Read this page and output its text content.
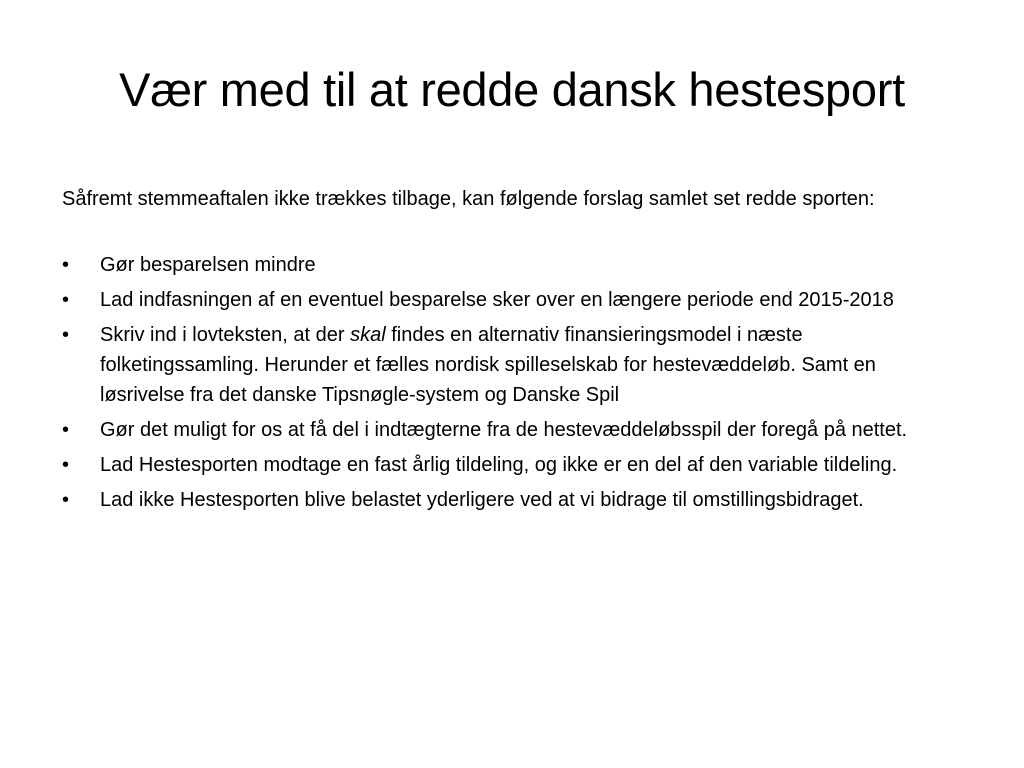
Vær med til at redde dansk hestesport

Såfremt stemmeaftalen ikke trækkes tilbage, kan følgende forslag samlet set redde sporten:

•	Gør besparelsen mindre
•	Lad indfasningen af en eventuel besparelse sker over en længere periode end 2015-2018
•	Skriv ind i lovteksten, at der skal findes en alternativ finansieringsmodel i næste folketingssamling. Herunder et fælles nordisk spilleselskab for hestevæddeløb. Samt en løsrivelse fra det danske Tipsnøgle-system og Danske Spil
•	Gør det muligt for os at få del i indtægterne fra de hestevæddeløbsspil der foregå på nettet.
•	Lad Hestesporten modtage en fast årlig tildeling, og ikke er en del af den variable tildeling.
•	Lad ikke Hestesporten blive belastet yderligere ved at vi bidrage til omstillingsbidraget.
